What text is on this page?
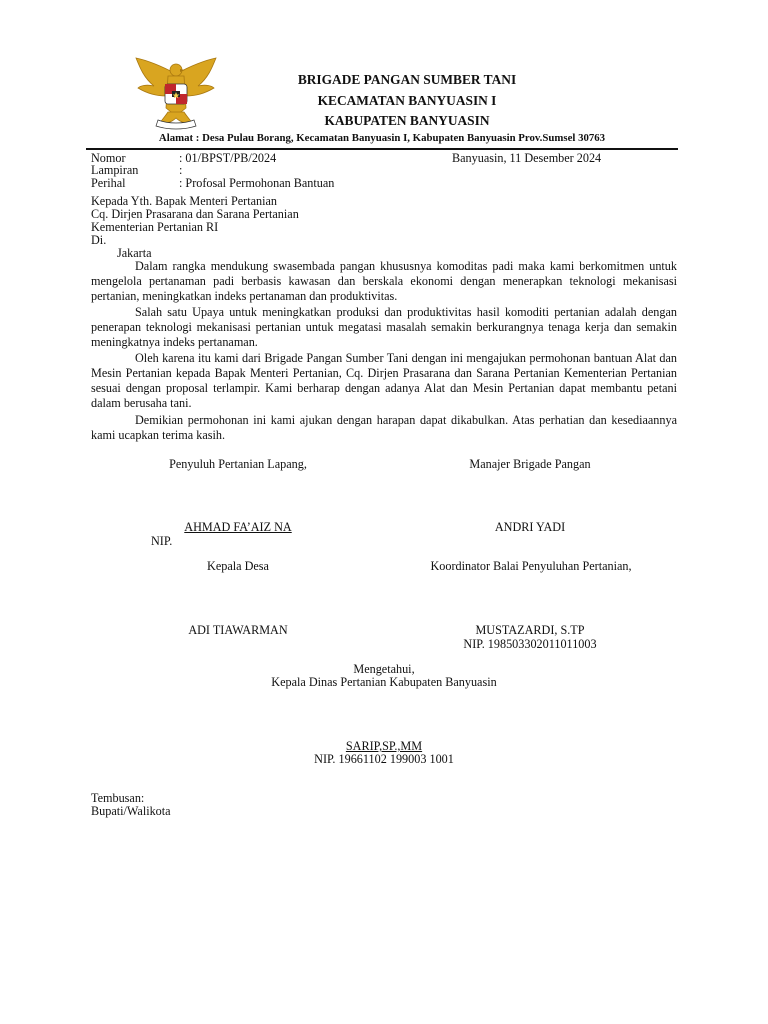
BRIGADE PANGAN SUMBER TANI
KECAMATAN BANYUASIN I
KABUPATEN BANYUASIN
Alamat : Desa Pulau Borang, Kecamatan Banyuasin I, Kabupaten Banyuasin Prov.Sumsel 30763
Nomor	: 01/BPST/PB/2024	Banyuasin, 11 Desember 2024
Lampiran	:
Perihal	: Profosal Permohonan Bantuan
Kepada Yth. Bapak Menteri Pertanian
Cq. Dirjen Prasarana dan Sarana Pertanian
Kementerian Pertanian RI
Di.
Jakarta
Dalam rangka mendukung swasembada pangan khususnya komoditas padi maka kami berkomitmen untuk mengelola pertanaman padi berbasis kawasan dan berskala ekonomi dengan menerapkan teknologi mekanisasi pertanian, meningkatkan indeks pertanaman dan produktivitas.
Salah satu Upaya untuk meningkatkan produksi dan produktivitas hasil komoditi pertanian adalah dengan penerapan teknologi mekanisasi pertanian untuk megatasi masalah semakin berkurangnya tenaga kerja dan semakin meningkatnya indeks pertanaman.
Oleh karena itu kami dari Brigade Pangan Sumber Tani dengan ini mengajukan permohonan bantuan Alat dan Mesin Pertanian kepada Bapak Menteri Pertanian, Cq. Dirjen Prasarana dan Sarana Pertanian Kementerian Pertanian sesuai dengan proposal terlampir. Kami berharap dengan adanya Alat dan Mesin Pertanian dapat membantu petani dalam berusaha tani.
Demikian permohonan ini kami ajukan dengan harapan dapat dikabulkan. Atas perhatian dan kesediaannya kami ucapkan terima kasih.
Penyuluh Pertanian Lapang,	Manajer Brigade Pangan
AHMAD FA’AIZ NA
NIP.
ANDRI YADI
Kepala Desa	Koordinator Balai Penyuluhan Pertanian,
ADI TIAWARMAN	MUSTAZARDI, S.TP
NIP. 198503302011011003
Mengetahui,
Kepala Dinas Pertanian Kabupaten Banyuasin
SARIP,SP.,MM
NIP. 19661102 199003 1001
Tembusan:
Bupati/Walikota
